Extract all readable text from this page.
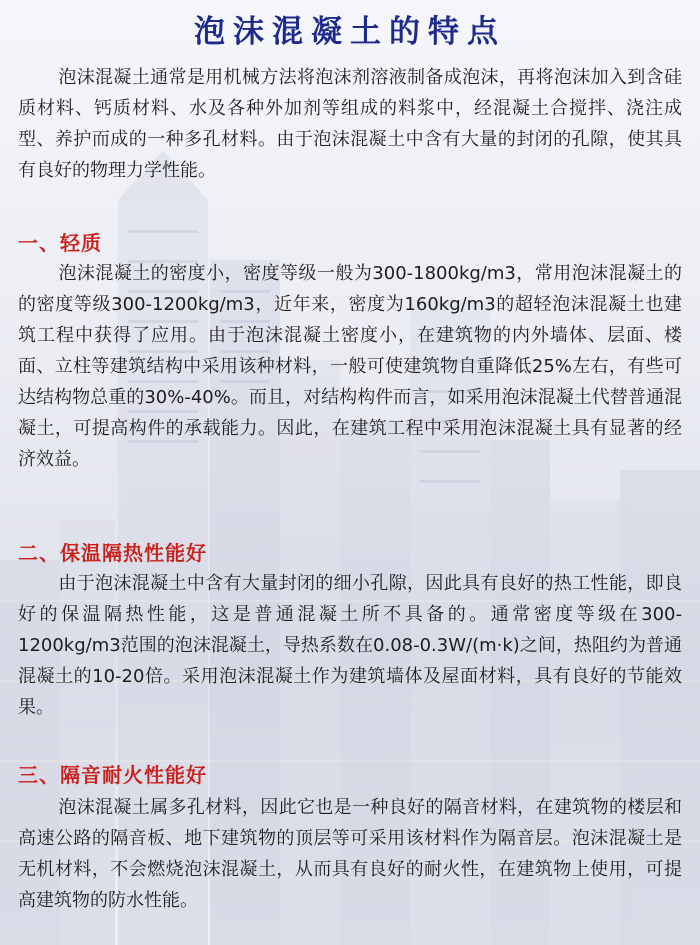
泡沫混凝土的特点
泡沫混凝土通常是用机械方法将泡沫剂溶液制备成泡沫，再将泡沫加入到含硅质材料、钙质材料、水及各种外加剂等组成的料浆中，经混凝土合搅拌、浇注成型、养护而成的一种多孔材料。由于泡沫混凝土中含有大量的封闭的孔隙，使其具有良好的物理力学性能。
一、轻质
泡沫混凝土的密度小，密度等级一般为300-1800kg/m3，常用泡沫混凝土的的密度等级300-1200kg/m3，近年来，密度为160kg/m3的超轻泡沫混凝土也建筑工程中获得了应用。由于泡沫混凝土密度小，在建筑物的内外墙体、层面、楼面、立柱等建筑结构中采用该种材料，一般可使建筑物自重降低25%左右，有些可达结构物总重的30%-40%。而且，对结构构件而言，如采用泡沫混凝土代替普通混凝土，可提高构件的承载能力。因此，在建筑工程中采用泡沫混凝土具有显著的经济效益。
二、保温隔热性能好
由于泡沫混凝土中含有大量封闭的细小孔隙，因此具有良好的热工性能，即良好的保温隔热性能，这是普通混凝土所不具备的。通常密度等级在300-1200kg/m3范围的泡沫混凝土，导热系数在0.08-0.3W/(m·k)之间，热阻约为普通混凝土的10-20倍。采用泡沫混凝土作为建筑墙体及屋面材料，具有良好的节能效果。
三、隔音耐火性能好
泡沫混凝土属多孔材料，因此它也是一种良好的隔音材料，在建筑物的楼层和高速公路的隔音板、地下建筑物的顶层等可采用该材料作为隔音层。泡沫混凝土是无机材料，不会燃烧泡沫混凝土，从而具有良好的耐火性，在建筑物上使用，可提高建筑物的防水性能。
